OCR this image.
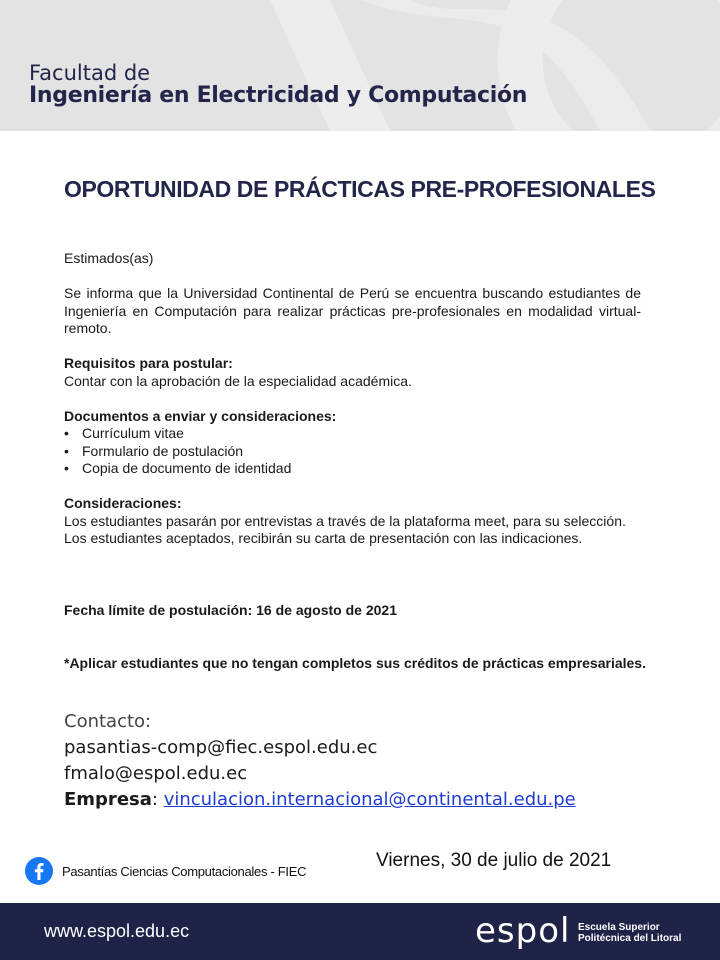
Facultad de
Ingeniería en Electricidad y Computación
OPORTUNIDAD DE PRÁCTICAS PRE-PROFESIONALES

Estimados(as)

Se informa que la Universidad Continental de Perú se encuentra buscando estudiantes de Ingeniería en Computación para realizar prácticas pre-profesionales en modalidad virtual-remoto.

Requisitos para postular:

Contar con la aprobación de la especialidad académica.

Documentos a enviar y consideraciones:

• Currículum vitae
• Formulario de postulación
• Copia de documento de identidad

Consideraciones:

Los estudiantes pasarán por entrevistas a través de la plataforma meet, para su selección.

Los estudiantes aceptados, recibirán su carta de presentación con las indicaciones.

Fecha límite de postulación: 16 de agosto de 2021
*Aplicar estudiantes que no tengan completos sus créditos de prácticas empresariales.
Contacto:
pasantias-comp@fiec.espol.edu.ec
fmalo@espol.edu.ec
Empresa: vinculacion.internacional@continental.edu.pe
Pasantías Ciencias Computacionales - FIEC
Viernes, 30 de julio de 2021
www.espol.edu.ec	espol Escuela Superior
Politécnica del Litoral
